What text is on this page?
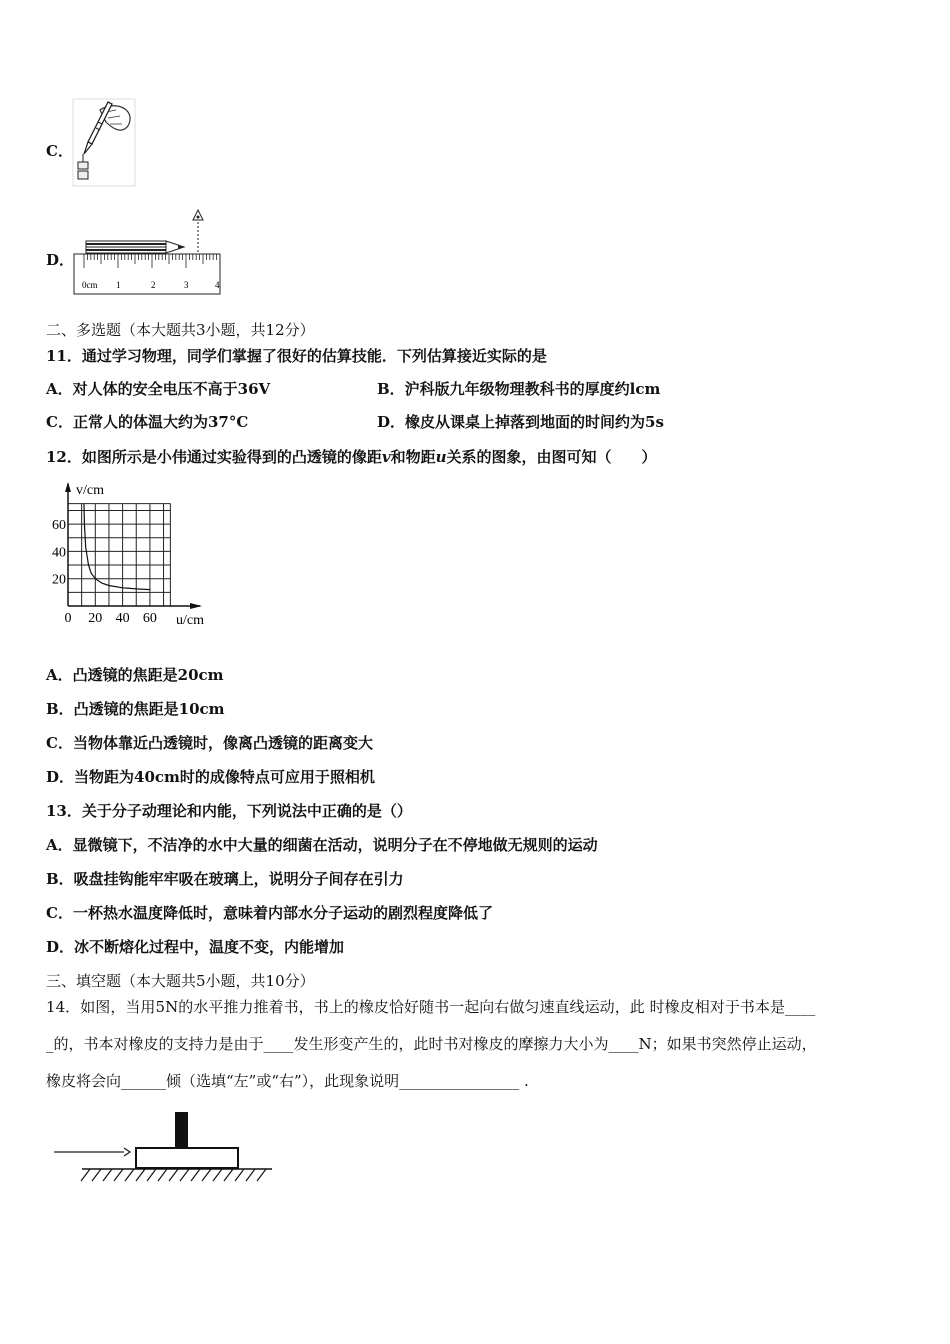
C．
D．
0cm 1	2	3	4
二、多选题（本大题共3小题，共12分）
11．通过学习物理，同学们掌握了很好的估算技能．下列估算接近实际的是
A．对人体的安全电压不高于36V	B．沪科版九年级物理教科书的厚度约lcm
C．正常人的体温大约为37°C	D．橡皮从课桌上掉落到地面的时间约为5s
12．如图所示是小伟通过实验得到的凸透镜的像距v和物距u关系的图象，由图可知（　　）
v/cm
u/cm
0 20 40 60
20
40
60
A．凸透镜的焦距是20cm
B．凸透镜的焦距是10cm
C．当物体靠近凸透镜时，像离凸透镜的距离变大
D．当物距为40cm时的成像特点可应用于照相机
13．关于分子动理论和内能，下列说法中正确的是（）
A．显微镜下，不洁净的水中大量的细菌在活动，说明分子在不停地做无规则的运动
B．吸盘挂钩能牢牢吸在玻璃上，说明分子间存在引力
C．一杯热水温度降低时，意味着内部水分子运动的剧烈程度降低了
D．冰不断熔化过程中，温度不变，内能增加
三、填空题（本大题共5小题，共10分）
14．如图，当用5N的水平推力推着书，书上的橡皮恰好随书一起向右做匀速直线运动，此 时橡皮相对于书本是____
_的，书本对橡皮的支持力是由于____发生形变产生的，此时书对橡皮的摩擦力大小为____N；如果书突然停止运动，
橡皮将会向______倾（选填“左”或“右”），此现象说明________________ .
